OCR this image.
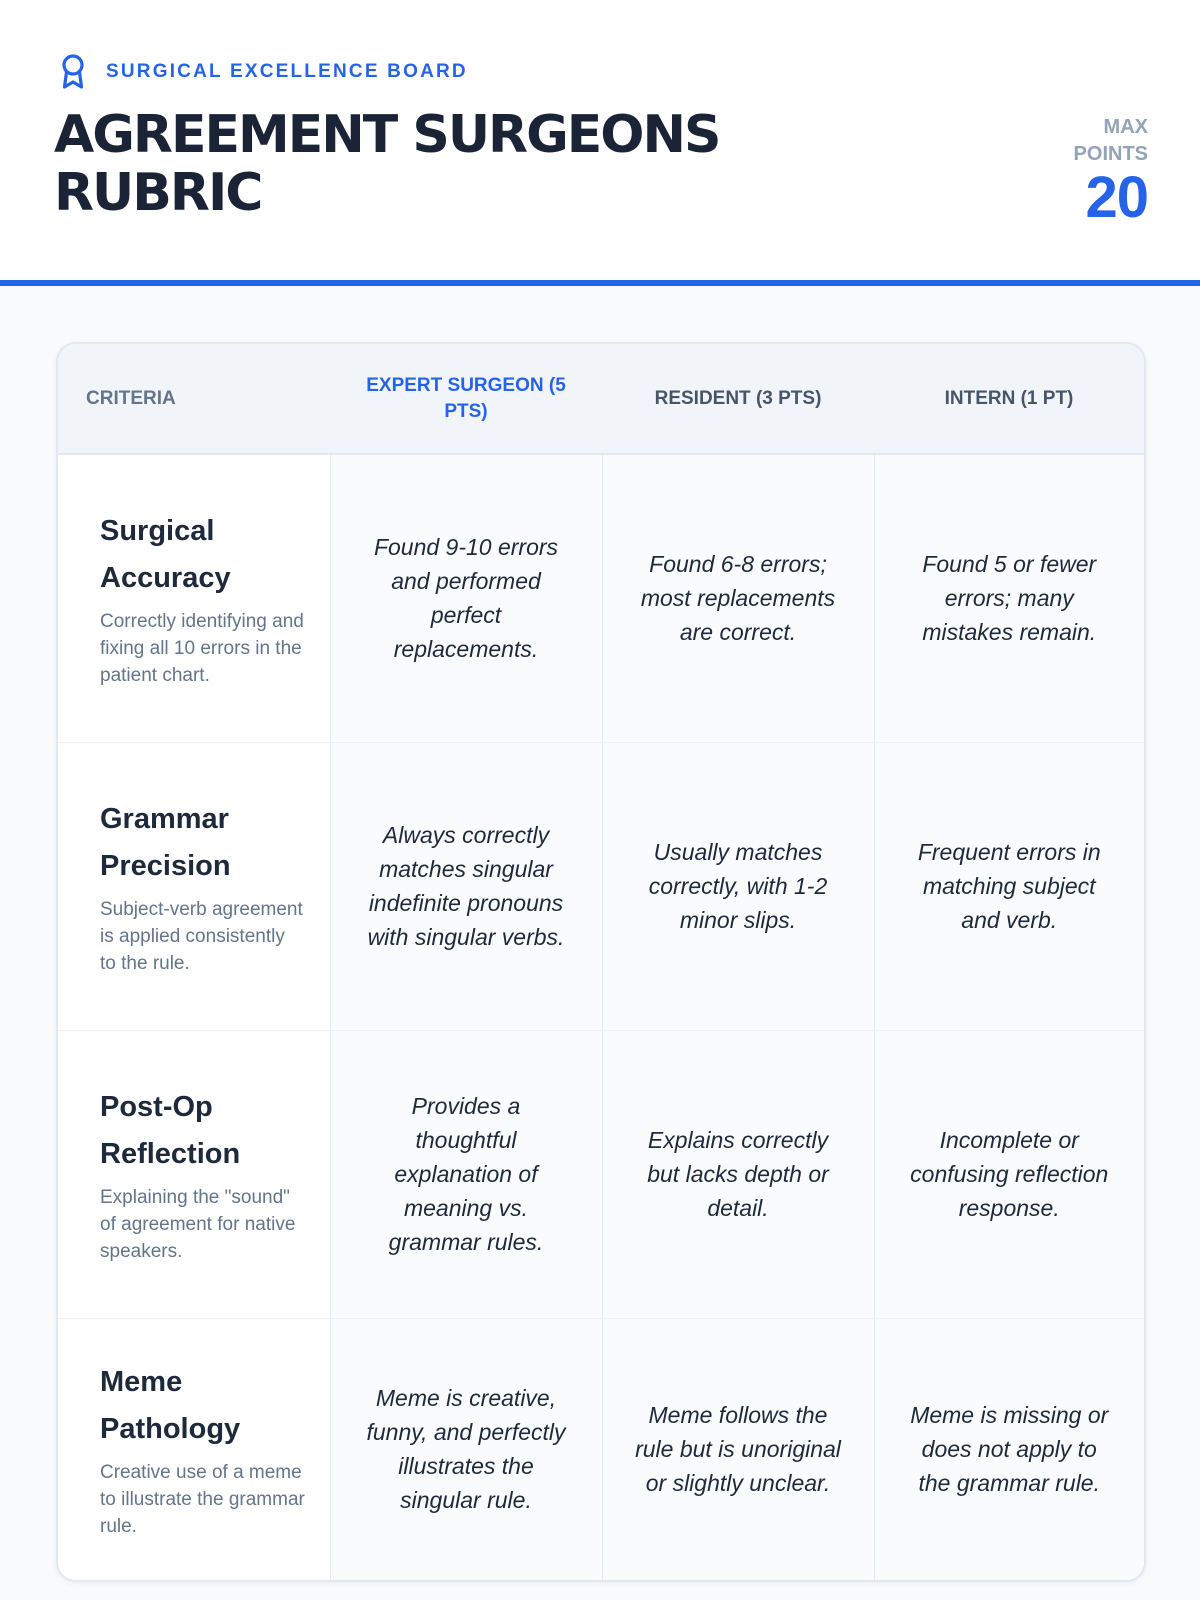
SURGICAL EXCELLENCE BOARD
AGREEMENT SURGEONS RUBRIC
MAX POINTS
20
CRITERIA	EXPERT SURGEON (5 PTS)	RESIDENT (3 PTS)	INTERN (1 PT)

Surgical Accuracy
Correctly identifying and fixing all 10 errors in the patient chart.	Found 9-10 errors and performed perfect replacements.	Found 6-8 errors; most replacements are correct.	Found 5 or fewer errors; many mistakes remain.

Grammar Precision
Subject-verb agreement is applied consistently to the rule.	Always correctly matches singular indefinite pronouns with singular verbs.	Usually matches correctly, with 1-2 minor slips.	Frequent errors in matching subject and verb.

Post-Op Reflection
Explaining the "sound" of agreement for native speakers.	Provides a thoughtful explanation of meaning vs. grammar rules.	Explains correctly but lacks depth or detail.	Incomplete or confusing reflection response.

Meme Pathology
Creative use of a meme to illustrate the grammar rule.	Meme is creative, funny, and perfectly illustrates the singular rule.	Meme follows the rule but is unoriginal or slightly unclear.	Meme is missing or does not apply to the grammar rule.
